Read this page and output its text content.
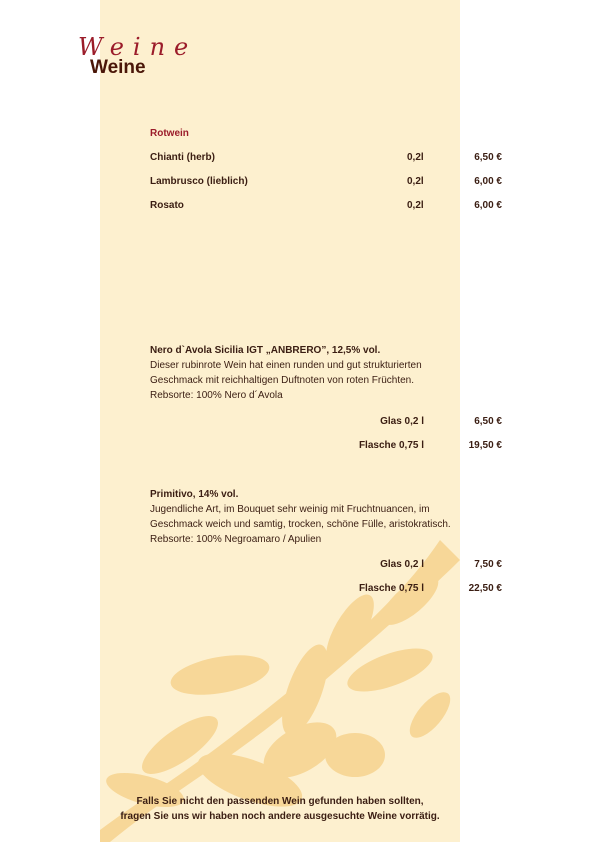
Weine
Weine
Rotwein
Chianti (herb)	0,2l	6,50 €
Lambrusco (lieblich)	0,2l	6,00 €
Rosato	0,2l	6,00 €
Nero d`Avola Sicilia IGT „ANBRERO”, 12,5% vol.
Dieser rubinrote Wein hat einen runden und gut strukturierten
Geschmack mit reichhaltigen Duftnoten von roten Früchten.
Rebsorte: 100% Nero d´Avola
Glas 0,2 l	6,50 €
Flasche 0,75 l	19,50 €
Primitivo, 14% vol.
Jugendliche Art, im Bouquet sehr weinig mit Fruchtnuancen, im
Geschmack weich und samtig, trocken, schöne Fülle, aristokratisch.
Rebsorte: 100% Negroamaro / Apulien
Glas 0,2 l	7,50 €
Flasche 0,75 l	22,50 €
Falls Sie nicht den passenden Wein gefunden haben sollten,
fragen Sie uns wir haben noch andere ausgesuchte Weine vorrätig.
